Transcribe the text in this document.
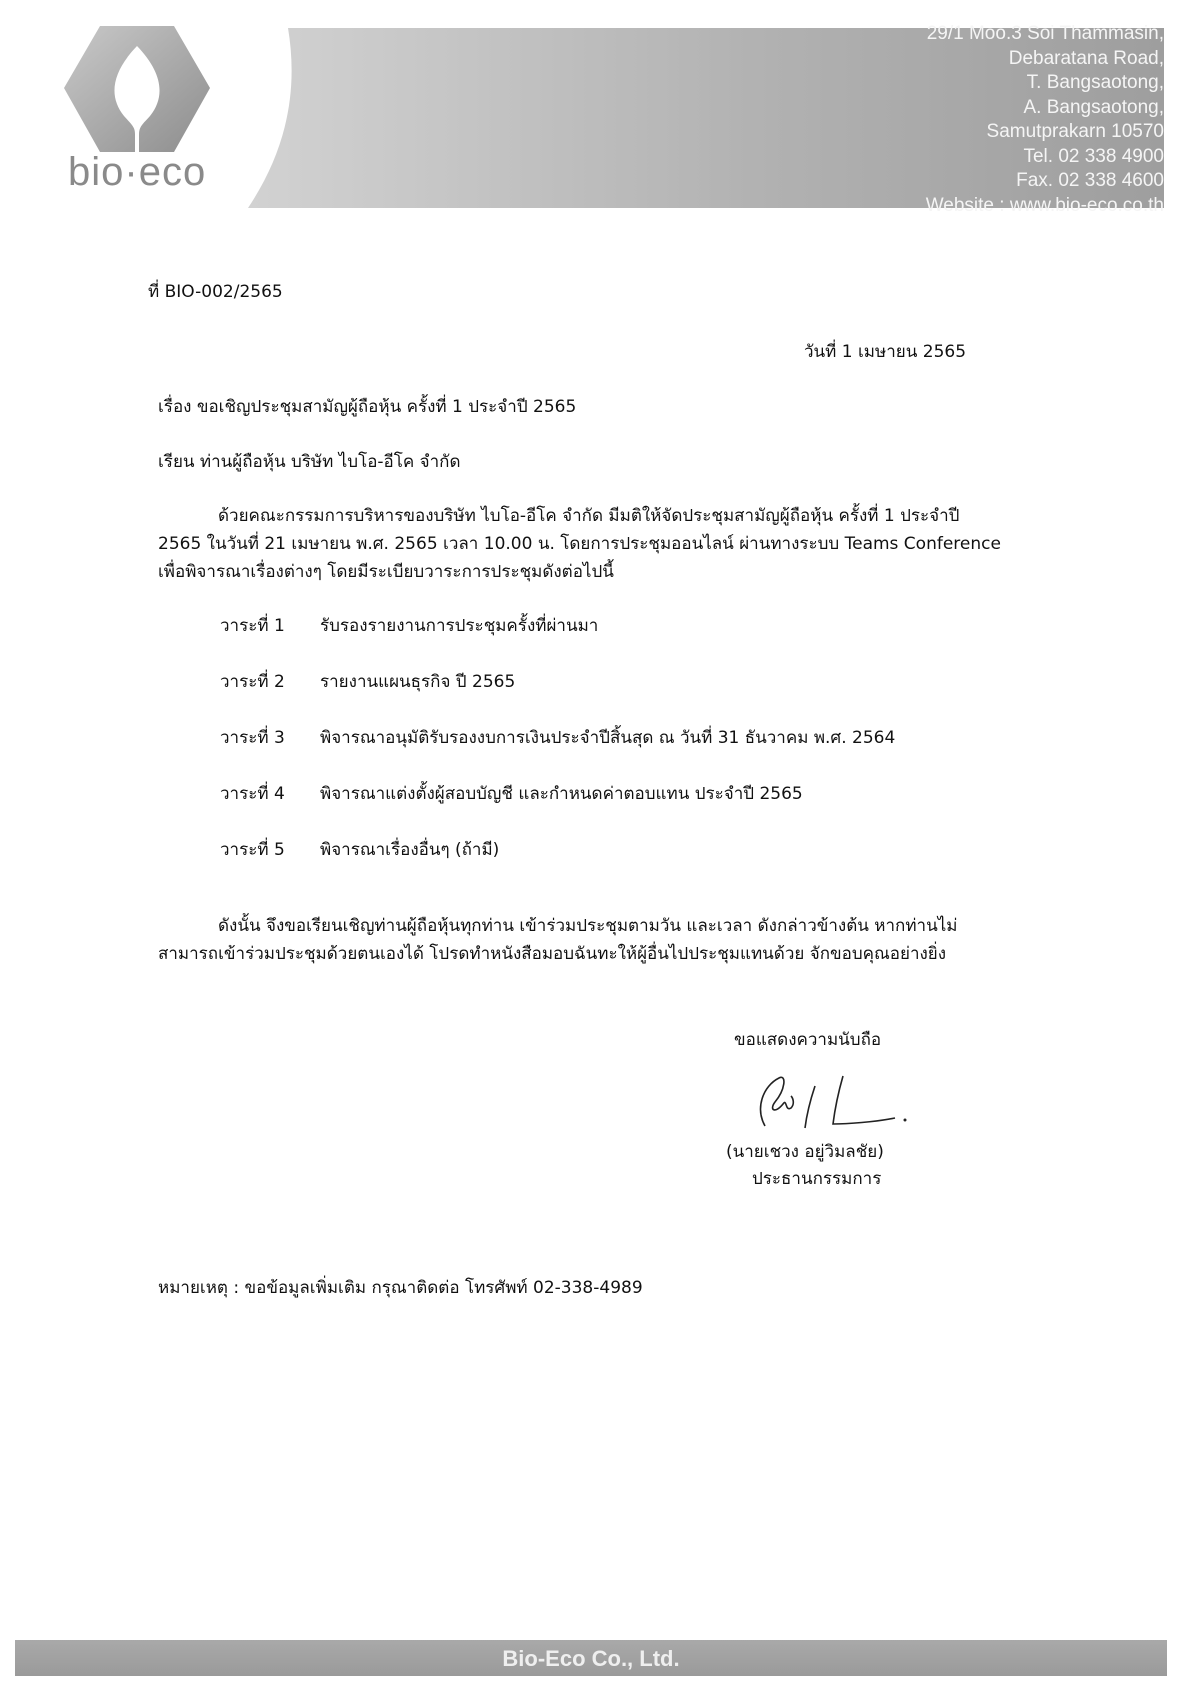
bio·eco
29/1 Moo.3 Soi Thammasin,
Debaratana Road,
T. Bangsaotong,
A. Bangsaotong,
Samutprakarn 10570
Tel. 02 338 4900
Fax. 02 338 4600
Website : www.bio-eco.co.th
ที่ BIO-002/2565
วันที่ 1 เมษายน 2565
เรื่อง ขอเชิญประชุมสามัญผู้ถือหุ้น ครั้งที่ 1 ประจำปี 2565
เรียน ท่านผู้ถือหุ้น บริษัท ไบโอ-อีโค จำกัด
ด้วยคณะกรรมการบริหารของบริษัท ไบโอ-อีโค จำกัด มีมติให้จัดประชุมสามัญผู้ถือหุ้น ครั้งที่ 1 ประจำปี
2565 ในวันที่ 21 เมษายน พ.ศ. 2565 เวลา 10.00 น. โดยการประชุมออนไลน์ ผ่านทางระบบ Teams Conference
เพื่อพิจารณาเรื่องต่างๆ โดยมีระเบียบวาระการประชุมดังต่อไปนี้
วาระที่ 1 รับรองรายงานการประชุมครั้งที่ผ่านมา
วาระที่ 2 รายงานแผนธุรกิจ ปี 2565
วาระที่ 3 พิจารณาอนุมัติรับรองงบการเงินประจำปีสิ้นสุด ณ วันที่ 31 ธันวาคม พ.ศ. 2564
วาระที่ 4 พิจารณาแต่งตั้งผู้สอบบัญชี และกำหนดค่าตอบแทน ประจำปี 2565
วาระที่ 5 พิจารณาเรื่องอื่นๆ (ถ้ามี)
ดังนั้น จึงขอเรียนเชิญท่านผู้ถือหุ้นทุกท่าน เข้าร่วมประชุมตามวัน และเวลา ดังกล่าวข้างต้น หากท่านไม่
สามารถเข้าร่วมประชุมด้วยตนเองได้ โปรดทำหนังสือมอบฉันทะให้ผู้อื่นไปประชุมแทนด้วย จักขอบคุณอย่างยิ่ง
ขอแสดงความนับถือ
(นายเชวง อยู่วิมลชัย)
ประธานกรรมการ
หมายเหตุ : ขอข้อมูลเพิ่มเติม กรุณาติดต่อ โทรศัพท์ 02-338-4989
Bio-Eco Co., Ltd.
